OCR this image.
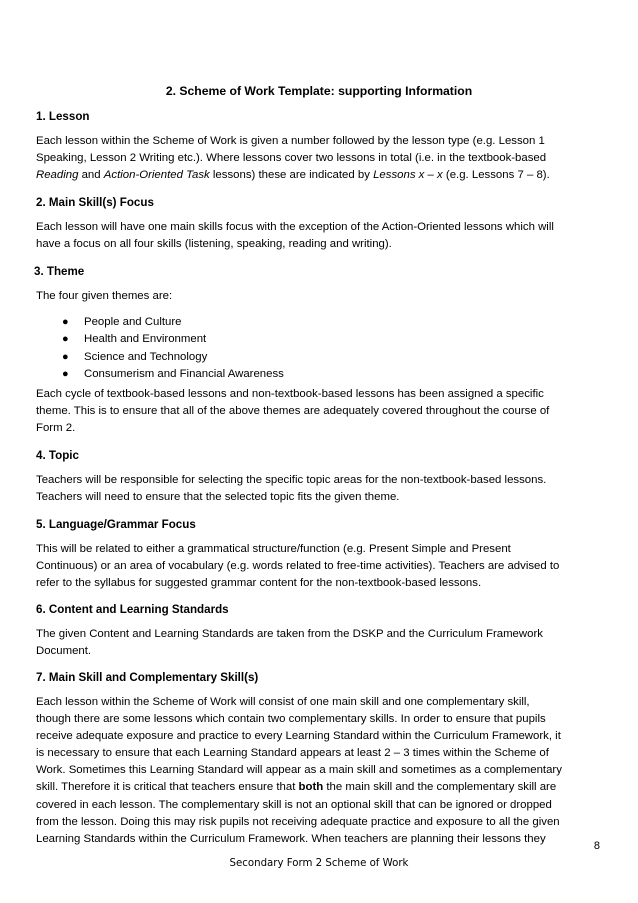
2. Scheme of Work Template: supporting Information
1. Lesson
Each lesson within the Scheme of Work is given a number followed by the lesson type (e.g. Lesson 1
Speaking, Lesson 2 Writing etc.). Where lessons cover two lessons in total (i.e. in the textbook-based
Reading and Action-Oriented Task lessons) these are indicated by Lessons x – x (e.g. Lessons 7 – 8).
2. Main Skill(s) Focus
Each lesson will have one main skills focus with the exception of the Action-Oriented lessons which will
have a focus on all four skills (listening, speaking, reading and writing).
3. Theme
The four given themes are:
● People and Culture
● Health and Environment
● Science and Technology
● Consumerism and Financial Awareness
Each cycle of textbook-based lessons and non-textbook-based lessons has been assigned a specific
theme. This is to ensure that all of the above themes are adequately covered throughout the course of
Form 2.
4. Topic
Teachers will be responsible for selecting the specific topic areas for the non-textbook-based lessons.
Teachers will need to ensure that the selected topic fits the given theme.
5. Language/Grammar Focus
This will be related to either a grammatical structure/function (e.g. Present Simple and Present
Continuous) or an area of vocabulary (e.g. words related to free-time activities). Teachers are advised to
refer to the syllabus for suggested grammar content for the non-textbook-based lessons.
6. Content and Learning Standards
The given Content and Learning Standards are taken from the DSKP and the Curriculum Framework
Document.
7. Main Skill and Complementary Skill(s)
Each lesson within the Scheme of Work will consist of one main skill and one complementary skill,
though there are some lessons which contain two complementary skills. In order to ensure that pupils
receive adequate exposure and practice to every Learning Standard within the Curriculum Framework, it
is necessary to ensure that each Learning Standard appears at least 2 – 3 times within the Scheme of
Work. Sometimes this Learning Standard will appear as a main skill and sometimes as a complementary
skill. Therefore it is critical that teachers ensure that both the main skill and the complementary skill are
covered in each lesson. The complementary skill is not an optional skill that can be ignored or dropped
from the lesson. Doing this may risk pupils not receiving adequate practice and exposure to all the given
Learning Standards within the Curriculum Framework. When teachers are planning their lessons they
8
Secondary Form 2 Scheme of Work
